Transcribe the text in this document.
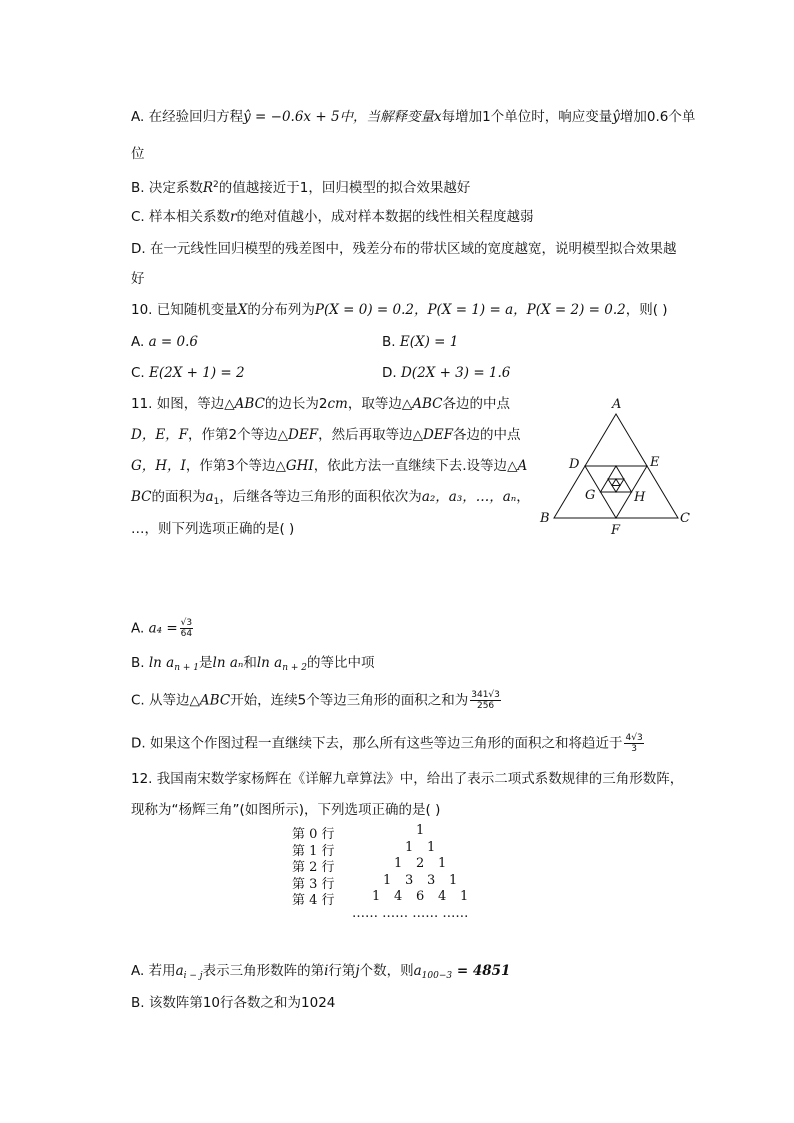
A. 在经验回归方程ŷ = −0.6x + 5中，当解释变量x每增加1个单位时，响应变量ŷ增加0.6个单
位
B. 决定系数$R^2$的值越接近于1，回归模型的拟合效果越好
C. 样本相关系数r的绝对值越小，成对样本数据的线性相关程度越弱
D. 在一元线性回归模型的残差图中，残差分布的带状区域的宽度越宽，说明模型拟合效果越
好
10. 已知随机变量X的分布列为P(X = 0) = 0.2，P(X = 1) = a，P(X = 2) = 0.2，则( )
A. a = 0.6	B. E(X) = 1
C. E(2X + 1) = 2	D. D(2X + 3) = 1.6
11. 如图，等边△ABC的边长为2cm，取等边△ABC各边的中点
D，E，F，作第2个等边△DEF，然后再取等边△DEF各边的中点
G，H，I，作第3个等边△GHI，依此方法一直继续下去.设等边△A
BC的面积为$a_1$，后继各等边三角形的面积依次为a₂，a₃，…，aₙ，
…，则下列选项正确的是( )
A
B	C
D	E
F
G	H
A. $a_4 = \frac{√3}{64}$
B. $\ln a_{n + 1}$是ln aₙ和$\ln a_{n + 2}$的等比中项
C. 从等边△ABC开始，连续5个等边三角形的面积之和为 $\frac{341√3}{256}$
D. 如果这个作图过程一直继续下去，那么所有这些等边三角形的面积之和将趋近于 $\frac{4√3}{3}$
12. 我国南宋数学家杨辉在《详解九章算法》中，给出了表示二项式系数规律的三角形数阵，
现称为“杨辉三角”(如图所示)，下列选项正确的是( )
第 0 行	1
第 1 行	1 1
第 2 行	1 2 1
第 3 行	1 3 3 1
第 4 行	1 4 6 4 1
…… …… …… ……
A. 若用$a_{i - j}$表示三角形数阵的第i行第j个数，则$a_{100-3} = 4851$
B. 该数阵第10行各数之和为1024
